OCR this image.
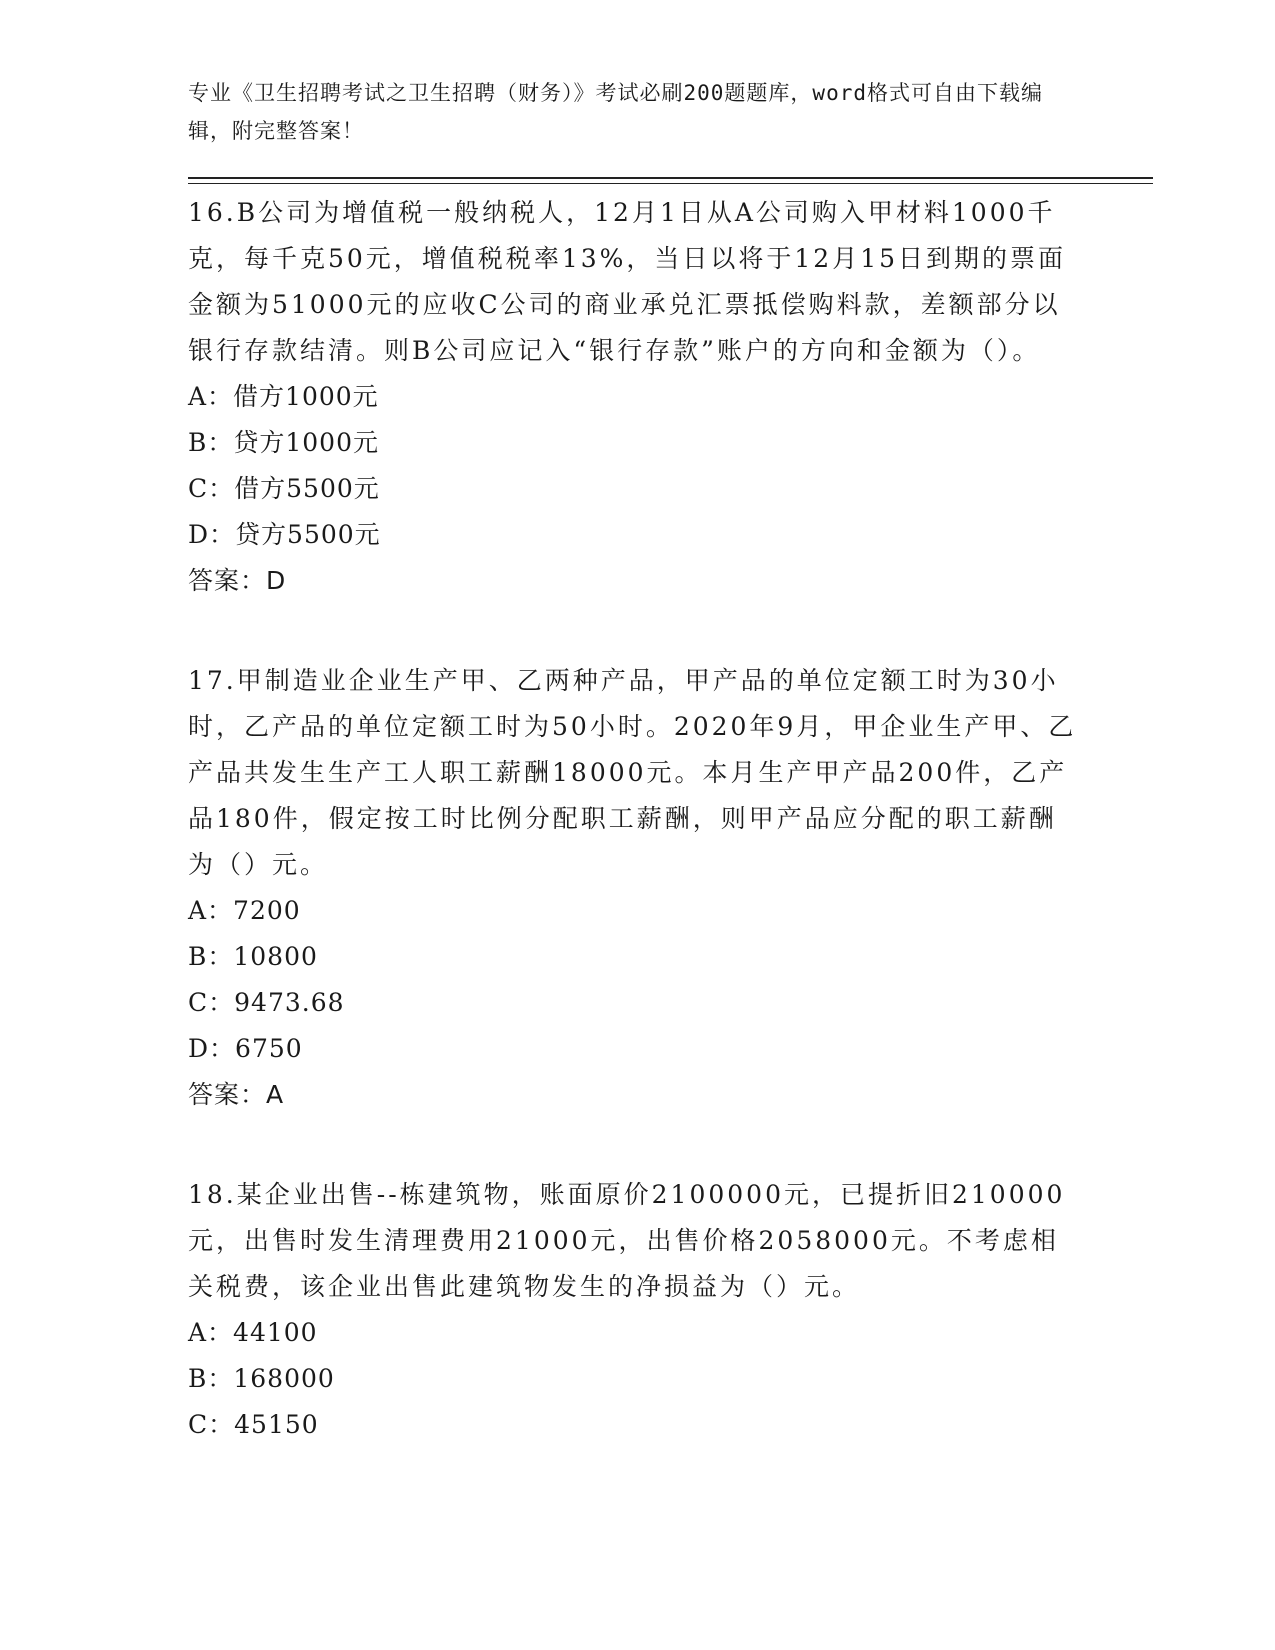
专业《卫生招聘考试之卫生招聘（财务）》考试必刷200题题库，word格式可自由下载编辑，附完整答案！
16.B公司为增值税一般纳税人，12月1日从A公司购入甲材料1000千克，每千克50元，增值税税率13%，当日以将于12月15日到期的票面金额为51000元的应收C公司的商业承兑汇票抵偿购料款，差额部分以银行存款结清。则B公司应记入“银行存款”账户的方向和金额为（）。
A：借方1000元
B：贷方1000元
C：借方5500元
D：贷方5500元
答案：D
17.甲制造业企业生产甲、乙两种产品，甲产品的单位定额工时为30小时，乙产品的单位定额工时为50小时。2020年9月，甲企业生产甲、乙产品共发生生产工人职工薪酬18000元。本月生产甲产品200件，乙产品180件，假定按工时比例分配职工薪酬，则甲产品应分配的职工薪酬为（）元。
A：7200
B：10800
C：9473.68
D：6750
答案：A
18.某企业出售--栋建筑物，账面原价2100000元，已提折旧210000元，出售时发生清理费用21000元，出售价格2058000元。不考虑相关税费，该企业出售此建筑物发生的净损益为（）元。
A：44100
B：168000
C：45150
